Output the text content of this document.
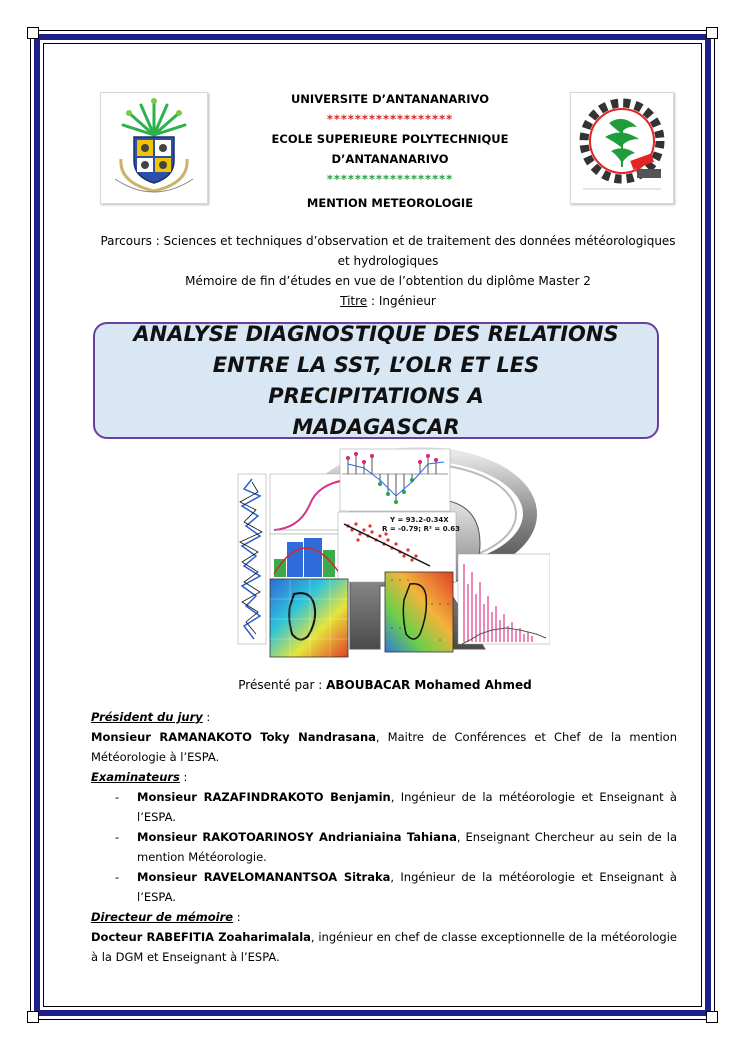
UNIVERSITE D’ANTANANARIVO
******************
ECOLE SUPERIEURE POLYTECHNIQUE
D’ANTANANARIVO
******************
MENTION METEOROLOGIE
Parcours : Sciences et techniques d’observation et de traitement des données météorologiques
et hydrologiques
Mémoire de fin d’études en vue de l’obtention du diplôme Master 2
Titre : Ingénieur
ANALYSE DIAGNOSTIQUE DES RELATIONS
ENTRE LA SST, L’OLR ET LES PRECIPITATIONS A
MADAGASCAR
Y = 93.2-0.34X
R = -0.79; R² = 0.63
Présenté par : ABOUBACAR Mohamed Ahmed

Président du jury :

Monsieur RAMANAKOTO Toky Nandrasana, Maitre de Conférences et Chef de la mention Météorologie à l’ESPA.

Examinateurs :

- Monsieur RAZAFINDRAKOTO Benjamin, Ingénieur de la météorologie et Enseignant à l’ESPA.
- Monsieur RAKOTOARINOSY Andrianiaina Tahiana, Enseignant Chercheur au sein de la mention Météorologie.
- Monsieur RAVELOMANANTSOA Sitraka, Ingénieur de la météorologie et Enseignant à l’ESPA.

Directeur de mémoire :

Docteur RABEFITIA Zoaharimalala, ingénieur en chef de classe exceptionnelle de la météorologie à la DGM et Enseignant à l’ESPA.
